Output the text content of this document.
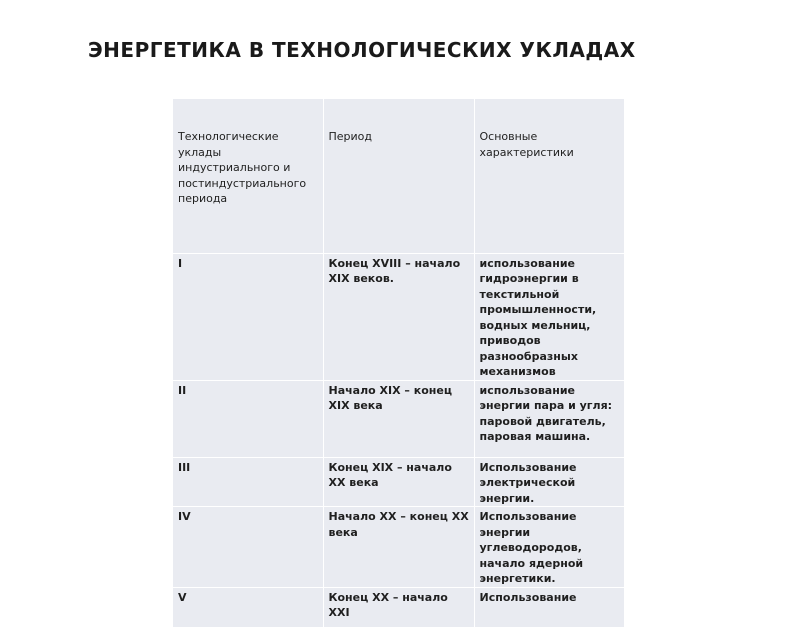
ЭНЕРГЕТИКА В ТЕХНОЛОГИЧЕСКИХ УКЛАДАХ
Технологические уклады индустриального и постиндустриального периода	Период	Основные характеристики
I	Конец XVIII – начало XIX веков.	использование гидроэнергии в текстильной промышленности, водных мельниц, приводов разнообразных механизмов
II	Начало XIX – конец XIX века	использование энергии пара и угля: паровой двигатель, паровая машина.
III	Конец XIX – начало XX века	Использование электрической энергии.
IV	Начало XX – конец XX века	Использование энергии углеводородов, начало ядерной энергетики.
V	Конец XX – начало XXI	Использование
